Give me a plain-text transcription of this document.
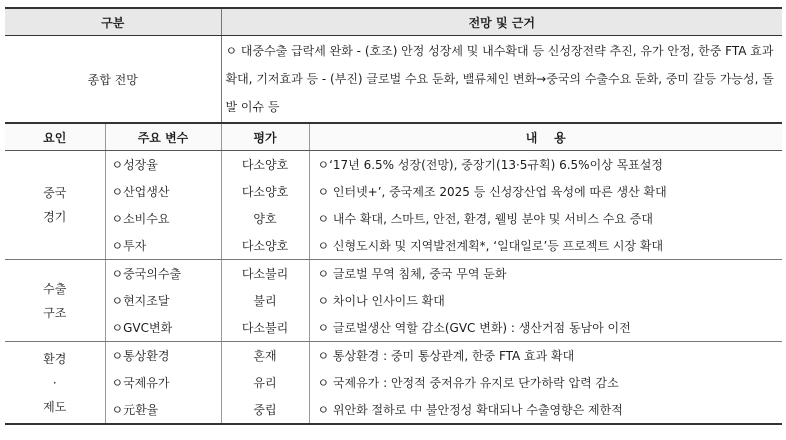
구분		전망 및 근거	
종합 전망		ㅇ 대중수출 급락세 완화 - (호조) 안정 성장세 및 내수확대 등 신성장전략 추진, 유가 안정, 한중 FTA 효과 확대, 기저효과 등 - (부진) 글로벌 수요 둔화, 밸류체인 변화→중국의 수출수요 둔화, 중미 갈등 가능성, 돌발 이슈 등	
요인	주요 변수	평가	내    용
중국
경기	ㅇ성장율	다소양호	ㅇ‘17년 6.5% 성장(전망), 중장기(13·5규획) 6.5%이상 목표설정
	ㅇ산업생산	다소양호	ㅇ 인터넷+’, 중국제조 2025 등 신성장산업 육성에 따른 생산 확대
	ㅇ소비수요	양호	ㅇ 내수 확대, 스마트, 안전, 환경, 웰빙 분야 및 서비스 수요 증대
	ㅇ투자	다소양호	ㅇ 신형도시화 및 지역발전계획*, ‘일대일로’등 프로젝트 시장 확대
수출
구조	ㅇ중국의수출	다소불리	ㅇ 글로벌 무역 침체, 중국 무역 둔화
	ㅇ현지조달	불리	ㅇ 차이나 인사이드 확대
	ㅇGVC변화	다소불리	ㅇ 글로벌생산 역할 감소(GVC 변화) : 생산거점 동남아 이전
환경
·
제도	ㅇ통상환경	혼재	ㅇ 통상환경 : 중미 통상관계, 한중 FTA 효과 확대
	ㅇ국제유가	유리	ㅇ 국제유가 : 안정적 중저유가 유지로 단가하락 압력 감소
	ㅇ元환율	중립	ㅇ 위안화 절하로 中 불안정성 확대되나 수출영향은 제한적
